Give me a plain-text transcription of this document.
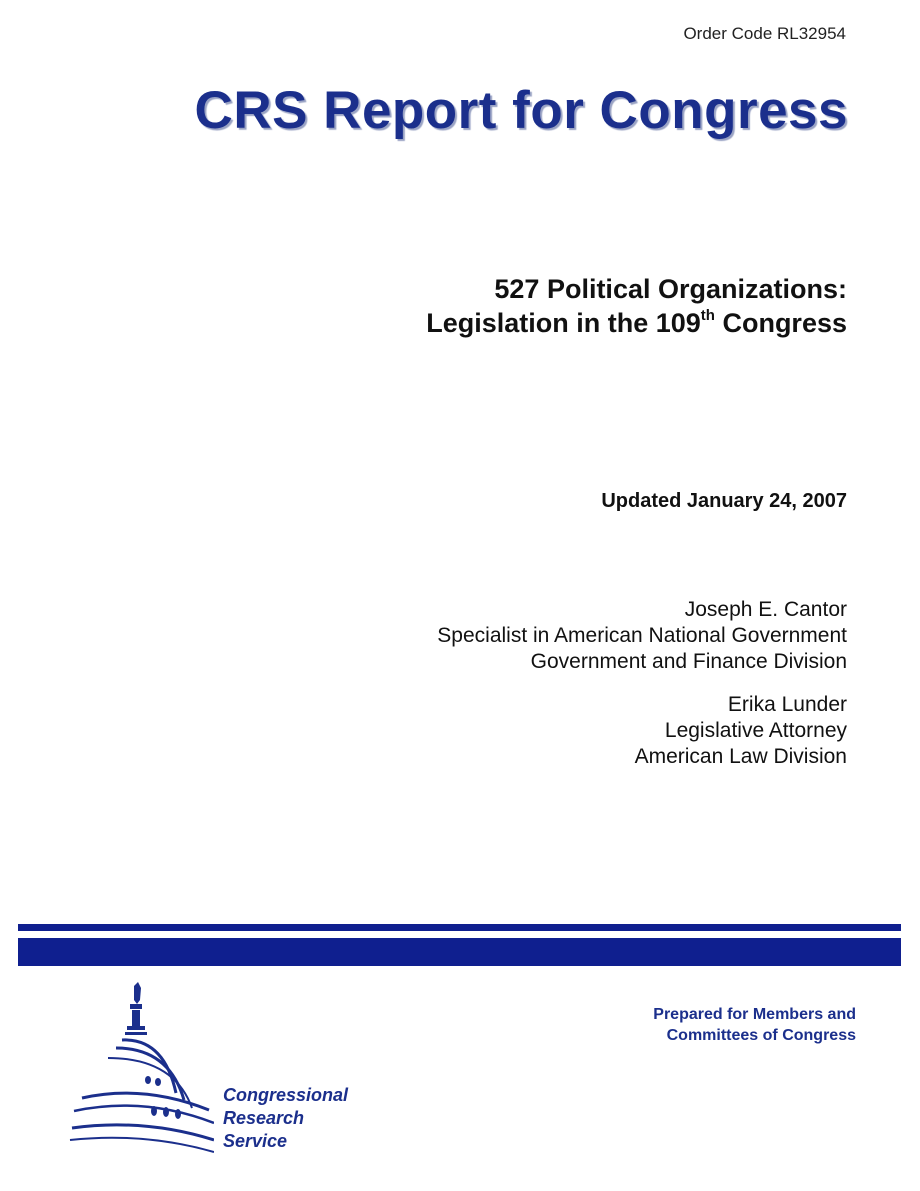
Order Code RL32954
CRS Report for Congress
527 Political Organizations:
Legislation in the 109th Congress
Updated January 24, 2007
Joseph E. Cantor
Specialist in American National Government
Government and Finance Division
Erika Lunder
Legislative Attorney
American Law Division
Prepared for Members and
Committees of Congress
Congressional
Research
Service
